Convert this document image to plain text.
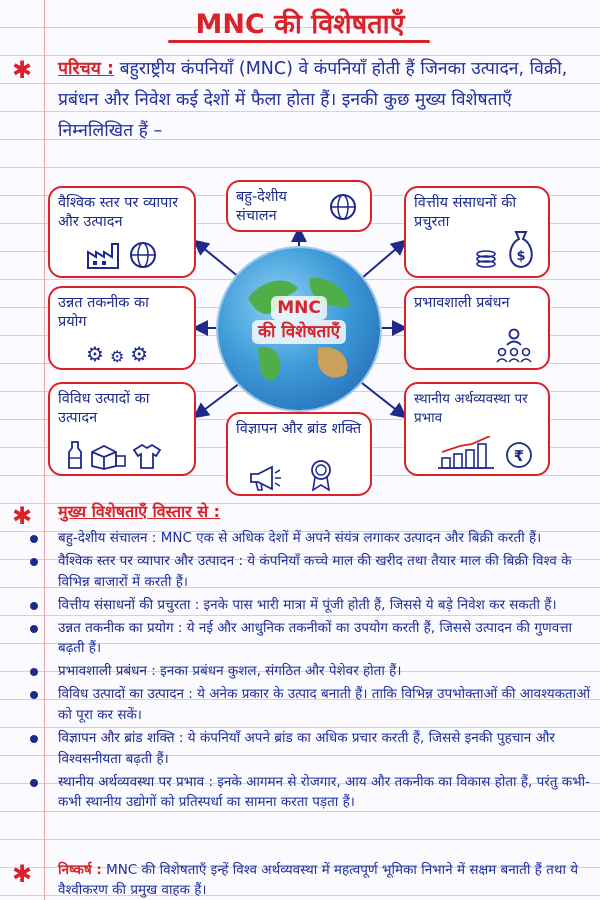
MNC की विशेषताएँ
✱ परिचय : बहुराष्ट्रीय कंपनियाँ (MNC) वे कंपनियाँ होती हैं जिनका उत्पादन, विक्री, प्रबंधन और निवेश कई देशों में फैला होता हैं। इनकी कुछ मुख्य विशेषताएँ निम्नलिखित हैं –
वैश्विक स्तर पर व्यापार और उत्पादन
बहु-देशीय संचालन
वित्तीय संसाधनों की प्रचुरता
$
उन्नत तकनीक का प्रयोग
⚙ ⚙ ⚙
प्रभावशाली प्रबंधन
विविध उत्पादों का उत्पादन
विज्ञापन और ब्रांड शक्ति
स्थानीय अर्थव्यवस्था पर प्रभाव
₹
MNC
की विशेषताएँ
✱ मुख्य विशेषताएँ विस्तार से :
बहु-देशीय संचालन : MNC एक से अधिक देशों में अपने संयंत्र लगाकर उत्पादन और बिक्री करती हैं।
वैश्विक स्तर पर व्यापार और उत्पादन : ये कंपनियाँ कच्चे माल की खरीद तथा तैयार माल की बिक्री विश्व के विभिन्न बाजारों में करती हैं।
वित्तीय संसाधनों की प्रचुरता : इनके पास भारी मात्रा में पूंजी होती हैं, जिससे ये बड़े निवेश कर सकती हैं।
उन्नत तकनीक का प्रयोग : ये नई और आधुनिक तकनीकों का उपयोग करती हैं, जिससे उत्पादन की गुणवत्ता बढ़ती हैं।
प्रभावशाली प्रबंधन : इनका प्रबंधन कुशल, संगठित और पेशेवर होता हैं।
विविध उत्पादों का उत्पादन : ये अनेक प्रकार के उत्पाद बनाती हैं। ताकि विभिन्न उपभोक्ताओं की आवश्यकताओं को पूरा कर सकें।
विज्ञापन और ब्रांड शक्ति : ये कंपनियाँ अपने ब्रांड का अधिक प्रचार करती हैं, जिससे इनकी पुहचान और विश्वसनीयता बढ़ती हैं।
स्थानीय अर्थव्यवस्था पर प्रभाव : इनके आगमन से रोजगार, आय और तकनीक का विकास होता हैं, परंतु कभी-कभी स्थानीय उद्योगों को प्रतिस्पर्धा का सामना करता पड़ता हैं।
✱ निष्कर्ष : MNC की विशेषताएँ इन्हें विश्व अर्थव्यवस्था में महत्वपूर्ण भूमिका निभाने में सक्षम बनाती हैं तथा ये वैश्वीकरण की प्रमुख वाहक हैं।
